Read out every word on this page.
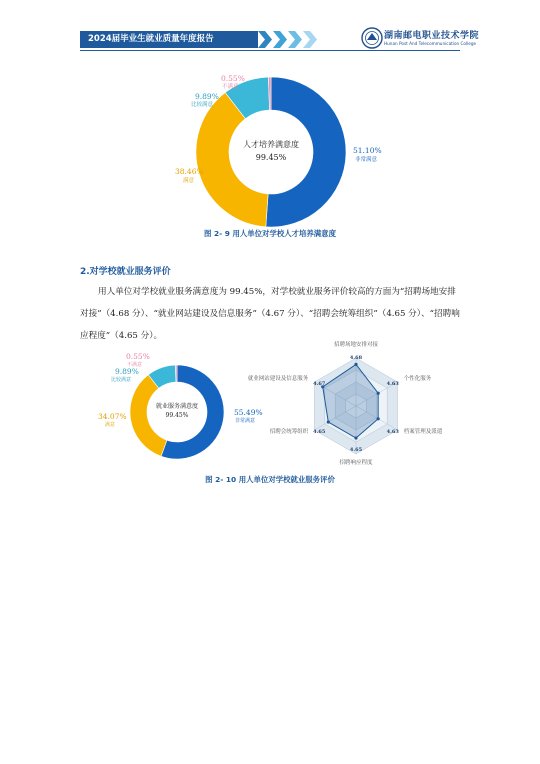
2024届毕业生就业质量年度报告	湖南邮电职业技术学院
Hunan Post And Telecommunication College
人才培养满意度
99.45%
51.10%
非常满意
38.46%
满意
9.89%
比较满意
0.55%
不满意
图 2- 9 用人单位对学校人才培养满意度
2.对学校就业服务评价
用人单位对学校就业服务满意度为 99.45%，对学校就业服务评价较高的方面为“招聘场地安排对接”（4.68 分）、“就业网站建设及信息服务”（4.67 分）、“招聘会统筹组织”（4.65 分）、“招聘响应程度”（4.65 分）。
就业服务满意度
99.45%	55.49%
非常满意
34.07%
满意
9.89%
比较满意
0.55%
不满意
招聘场地安排对接
4.68
个性化服务
4.63
档案管理及派遣
4.63
招聘响应程度
4.65
招聘会统筹组织 4.65
就业网站建设及信息服务
4.67
图 2- 10 用人单位对学校就业服务评价
